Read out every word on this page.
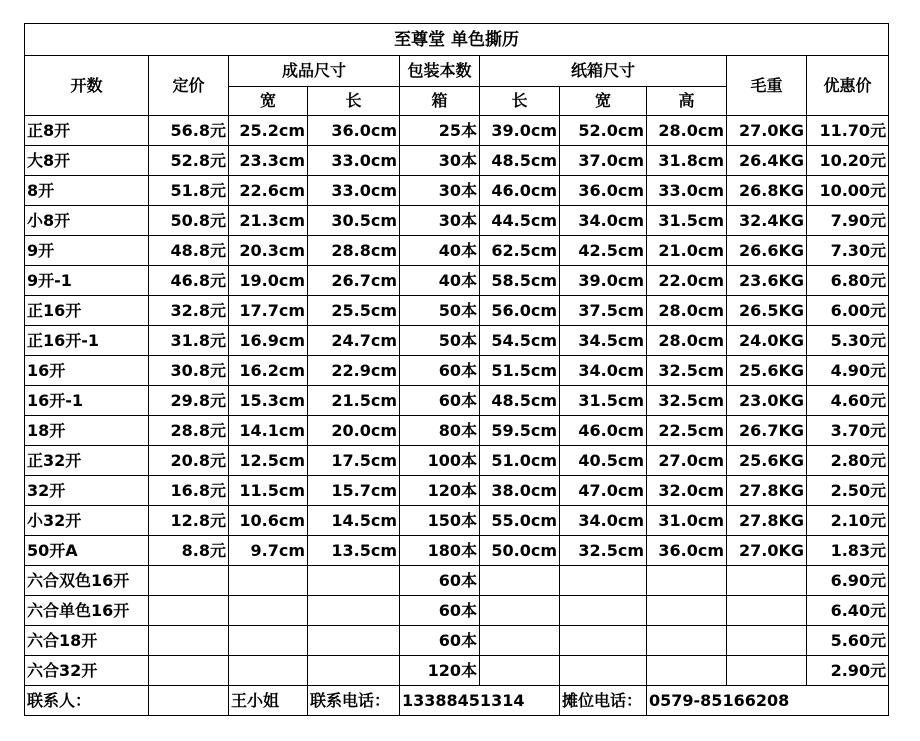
至尊堂 单色撕历									
开数	定价	成品尺寸		包装本数	纸箱尺寸			毛重	优惠价
		宽	长	箱	长	宽	高		
正8开	56.8元	25.2cm	36.0cm	25本	39.0cm	52.0cm	28.0cm	27.0KG	11.70元
大8开	52.8元	23.3cm	33.0cm	30本	48.5cm	37.0cm	31.8cm	26.4KG	10.20元
8开	51.8元	22.6cm	33.0cm	30本	46.0cm	36.0cm	33.0cm	26.8KG	10.00元
小8开	50.8元	21.3cm	30.5cm	30本	44.5cm	34.0cm	31.5cm	32.4KG	7.90元
9开	48.8元	20.3cm	28.8cm	40本	62.5cm	42.5cm	21.0cm	26.6KG	7.30元
9开-1	46.8元	19.0cm	26.7cm	40本	58.5cm	39.0cm	22.0cm	23.6KG	6.80元
正16开	32.8元	17.7cm	25.5cm	50本	56.0cm	37.5cm	28.0cm	26.5KG	6.00元
正16开-1	31.8元	16.9cm	24.7cm	50本	54.5cm	34.5cm	28.0cm	24.0KG	5.30元
16开	30.8元	16.2cm	22.9cm	60本	51.5cm	34.0cm	32.5cm	25.6KG	4.90元
16开-1	29.8元	15.3cm	21.5cm	60本	48.5cm	31.5cm	32.5cm	23.0KG	4.60元
18开	28.8元	14.1cm	20.0cm	80本	59.5cm	46.0cm	22.5cm	26.7KG	3.70元
正32开	20.8元	12.5cm	17.5cm	100本	51.0cm	40.5cm	27.0cm	25.6KG	2.80元
32开	16.8元	11.5cm	15.7cm	120本	38.0cm	47.0cm	32.0cm	27.8KG	2.50元
小32开	12.8元	10.6cm	14.5cm	150本	55.0cm	34.0cm	31.0cm	27.8KG	2.10元
50开A	8.8元	9.7cm	13.5cm	180本	50.0cm	32.5cm	36.0cm	27.0KG	1.83元
六合双色16开				60本					6.90元
六合单色16开				60本					6.40元
六合18开				60本					5.60元
六合32开				120本					2.90元
联系人：		王小姐	联系电话：	13388451314		摊位电话：	0579-85166208		
